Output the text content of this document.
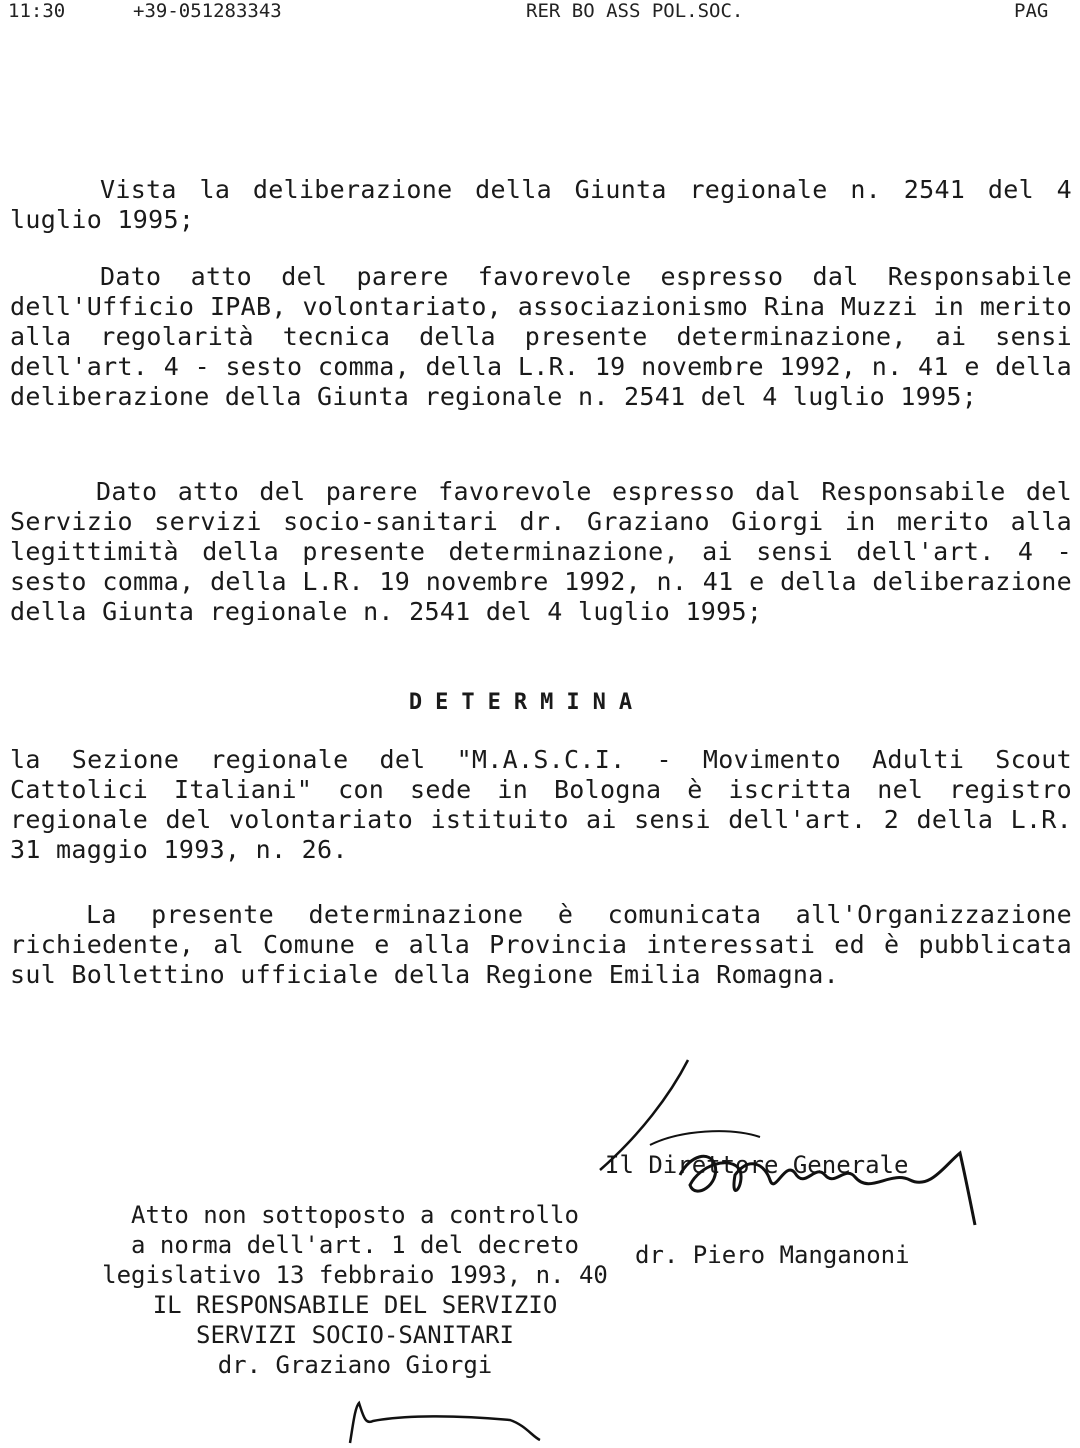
11:30	+39-051283343	RER BO ASS POL.SOC.	PAG
Vista la deliberazione della Giunta regionale n. 2541 del 4 luglio 1995;
Dato atto del parere favorevole espresso dal Responsabile dell'Ufficio IPAB, volontariato, associazionismo Rina Muzzi in merito alla regolarità tecnica della presente determinazione, ai sensi dell'art. 4 - sesto comma, della L.R. 19 novembre 1992, n. 41 e della deliberazione della Giunta regionale n. 2541 del 4 luglio 1995;
Dato atto del parere favorevole espresso dal Responsabile del Servizio servizi socio-sanitari dr. Graziano Giorgi in merito alla legittimità della presente determinazione, ai sensi dell'art. 4 - sesto comma, della L.R. 19 novembre 1992, n. 41 e della deliberazione della Giunta regionale n. 2541 del 4 luglio 1995;
DETERMINA
la Sezione regionale del "M.A.S.C.I. - Movimento Adulti Scout Cattolici Italiani" con sede in Bologna è iscritta nel registro regionale del volontariato istituito ai sensi dell'art. 2 della L.R. 31 maggio 1993, n. 26.
La presente determinazione è comunicata all'Organizzazione richiedente, al Comune e alla Provincia interessati ed è pubblicata sul Bollettino ufficiale della Regione Emilia Romagna.

Il Direttore Generale

dr. Piero Manganoni

Atto non sottoposto a controllo
a norma dell'art. 1 del decreto
legislativo 13 febbraio 1993, n. 40
IL RESPONSABILE DEL SERVIZIO
SERVIZI SOCIO-SANITARI
dr. Graziano Giorgi
